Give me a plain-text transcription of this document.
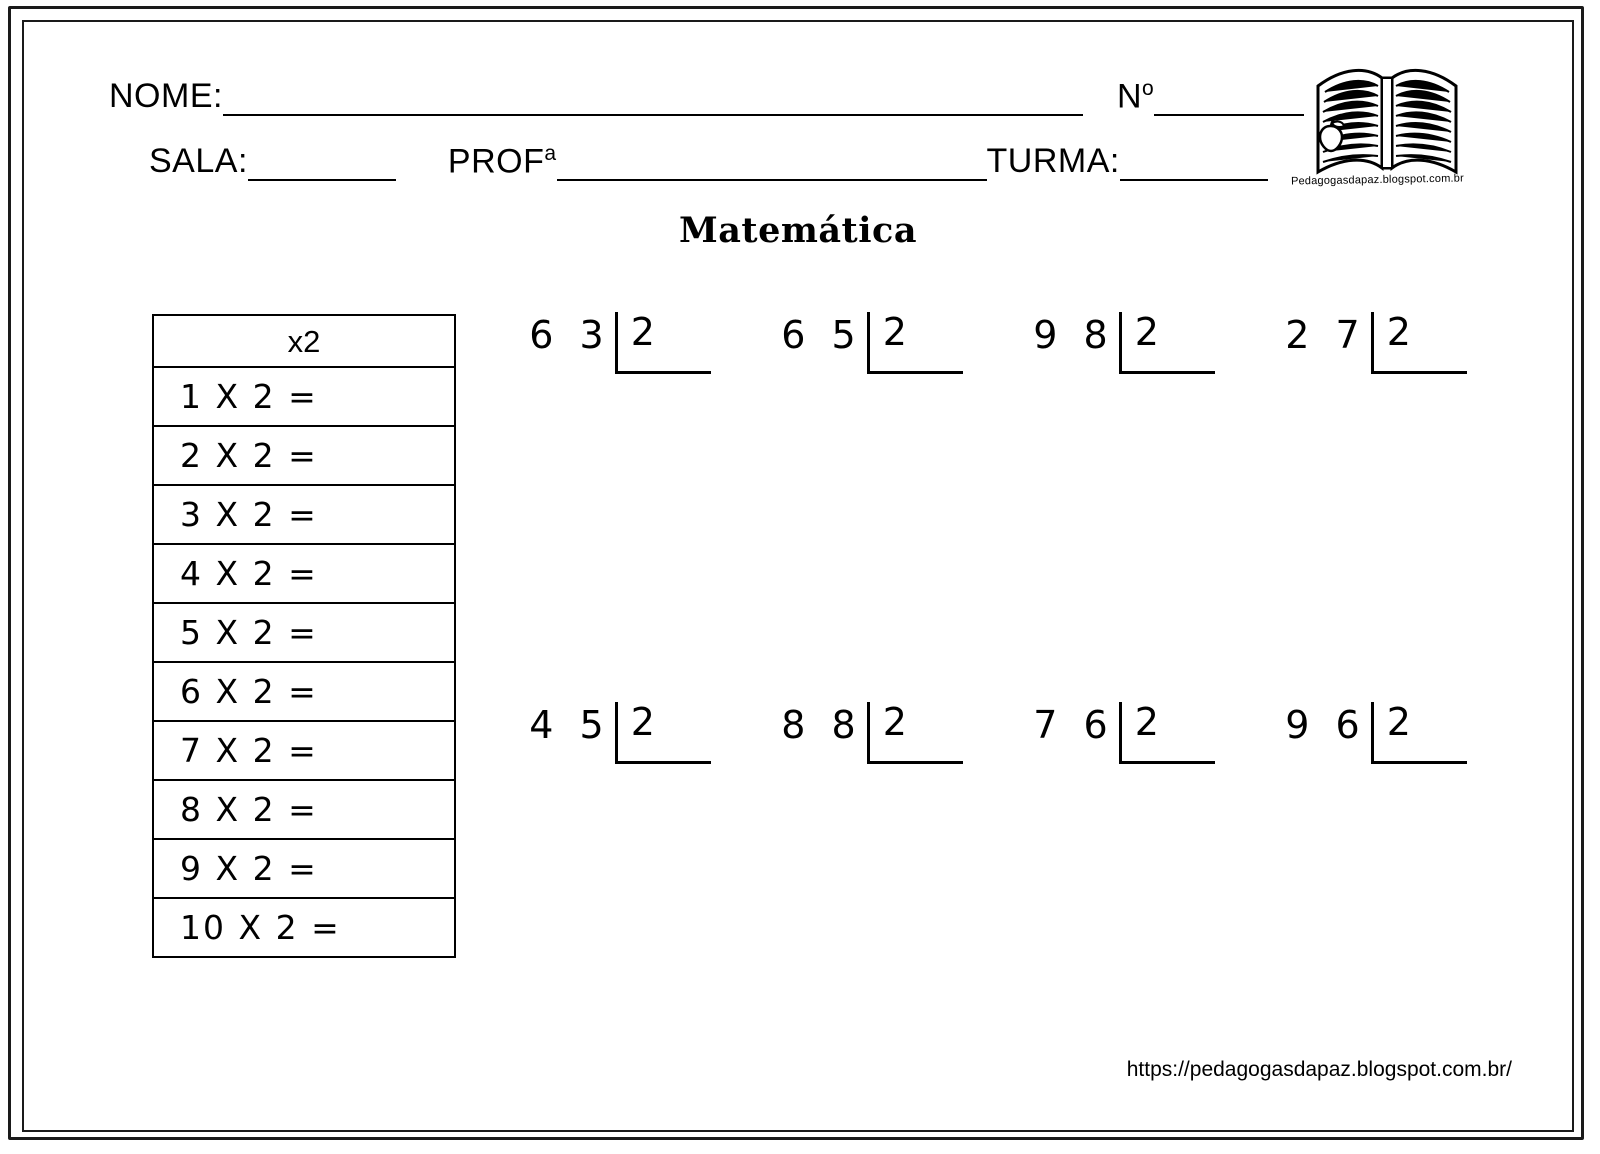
NOME:	$N^o$
SALA:	PROF$^a$	TURMA:	Pedagogasdapaz.blogspot.com.br
Matemática
x2
1 X 2 =
2 X 2 =
3 X 2 =
4 X 2 =
5 X 2 =
6 X 2 =
7 X 2 =
8 X 2 =
9 X 2 =
10 X 2 =
6 3 2	6 5 2	9 8 2	2 7 2
4 5 2	8 8 2	7 6 2	9 6 2
https://pedagogasdapaz.blogspot.com.br/
